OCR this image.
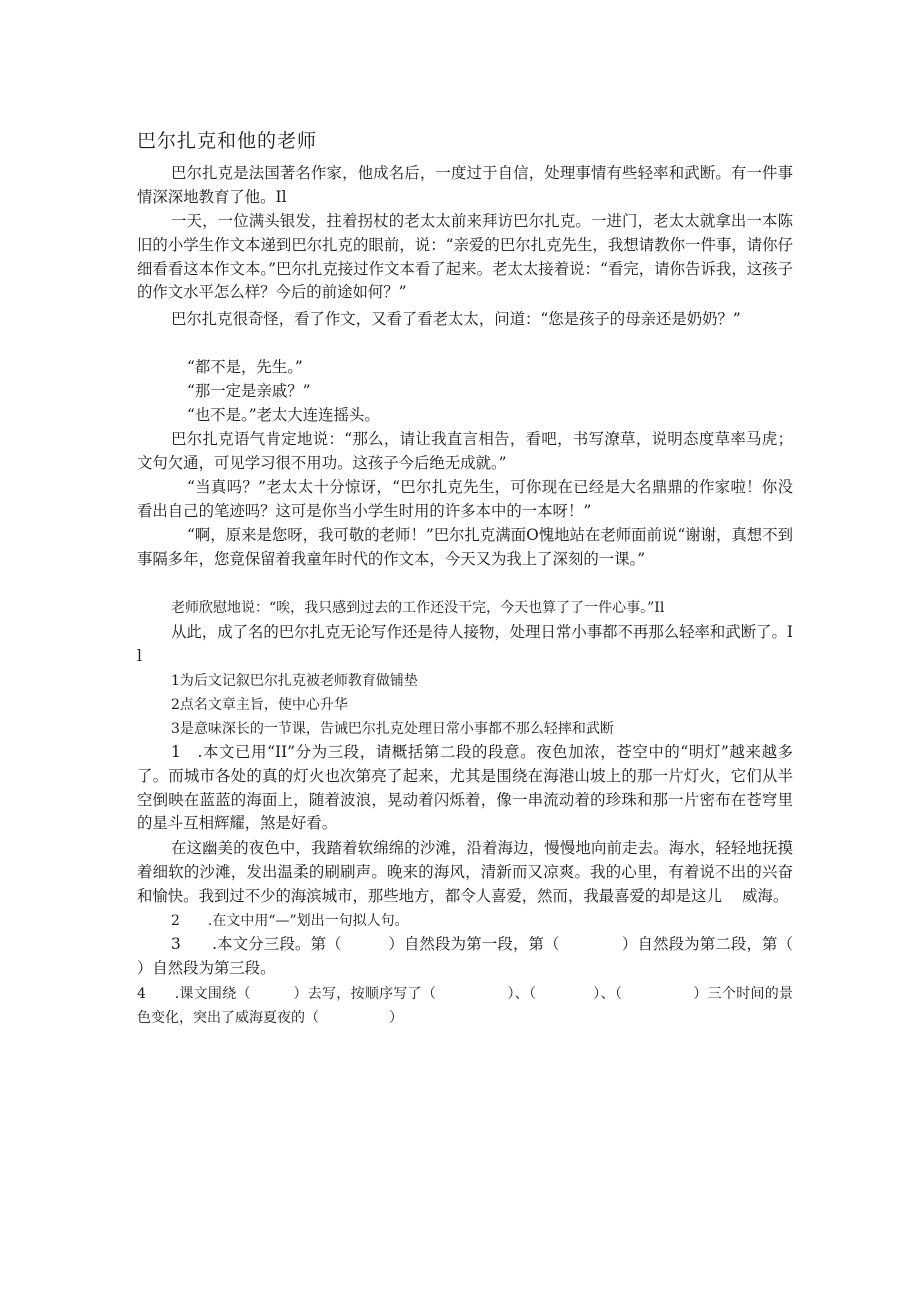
巴尔扎克和他的老师

巴尔扎克是法国著名作家，他成名后，一度过于自信，处理事情有些轻率和武断。有一件事情深深地教育了他。Il

一天，一位满头银发，拄着拐杖的老太太前来拜访巴尔扎克。一进门，老太太就拿出一本陈旧的小学生作文本递到巴尔扎克的眼前，说：“亲爱的巴尔扎克先生，我想请教你一件事，请你仔细看看这本作文本。”巴尔扎克接过作文本看了起来。老太太接着说：“看完，请你告诉我，这孩子的作文水平怎么样？今后的前途如何？”

巴尔扎克很奇怪，看了作文，又看了看老太太，问道：“您是孩子的母亲还是奶奶？”

“都不是，先生。”

“那一定是亲戚？”

“也不是。”老太大连连摇头。

巴尔扎克语气肯定地说：“那么，请让我直言相告，看吧，书写潦草，说明态度草率马虎；文句欠通，可见学习很不用功。这孩子今后绝无成就。”

“当真吗？”老太太十分惊讶，“巴尔扎克先生，可你现在已经是大名鼎鼎的作家啦！你没看出自己的笔迹吗？这可是你当小学生时用的许多本中的一本呀！”

“啊，原来是您呀，我可敬的老师！”巴尔扎克满面O愧地站在老师面前说“谢谢，真想不到事隔多年，您竟保留着我童年时代的作文本，今天又为我上了深刻的一课。”

老师欣慰地说：“唉，我只感到过去的工作还没干完，今天也算了了一件心事。”Il

从此，成了名的巴尔扎克无论写作还是待人接物，处理日常小事都不再那么轻率和武断了。Il

1为后文记叙巴尔扎克被老师教育做铺垫

2点名文章主旨，使中心升华

3是意味深长的一节课，告诫巴尔扎克处理日常小事都不那么轻摔和武断

1　.本文已用“II”分为三段，请概括第二段的段意。夜色加浓，苍空中的“明灯”越来越多了。而城市各处的真的灯火也次第亮了起来，尤其是围绕在海港山坡上的那一片灯火，它们从半空倒映在蓝蓝的海面上，随着波浪，晃动着闪烁着，像一串流动着的珍珠和那一片密布在苍穹里的星斗互相辉耀，煞是好看。

在这幽美的夜色中，我踏着软绵绵的沙滩，沿着海边，慢慢地向前走去。海水，轻轻地抚摸着细软的沙滩，发出温柔的刷刷声。晚来的海风，清新而又凉爽。我的心里，有着说不出的兴奋和愉快。我到过不少的海滨城市，那些地方，都令人喜爱，然而，我最喜爱的却是这儿　 威海。

2　　.在文中用“—”划出一句拟人句。

3　　.本文分三段。第（　　　）自然段为第一段，第（　　　　）自然段为第二段，第（　　　　）自然段为第三段。

4　　.课文围绕（　　　）去写，按顺序写了（　　　　　）、（　　　　）、（　　　　　）三个时间的景色变化，突出了威海夏夜的（　　　　　）
